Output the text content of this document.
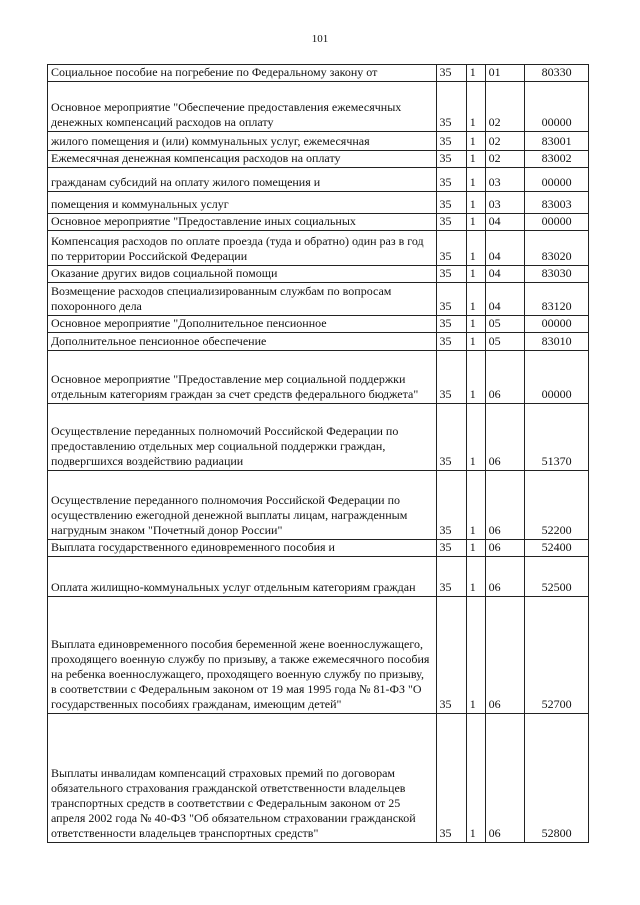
101
Социальное пособие на погребение по Федеральному закону от	35	1	01	80330
Основное мероприятие "Обеспечение предоставления ежемесячных денежных компенсаций расходов на оплату	35	1	02	00000
жилого помещения и (или) коммунальных услуг, ежемесячная	35	1	02	83001
Ежемесячная денежная компенсация расходов на оплату	35	1	02	83002
гражданам субсидий на оплату жилого помещения и	35	1	03	00000
помещения и коммунальных услуг	35	1	03	83003
Основное мероприятие "Предоставление иных социальных	35	1	04	00000
Компенсация расходов по оплате проезда (туда и обратно) один раз в год по территории Российской Федерации	35	1	04	83020
Оказание других видов социальной помощи	35	1	04	83030
Возмещение расходов специализированным службам по вопросам похоронного дела	35	1	04	83120
Основное мероприятие "Дополнительное пенсионное	35	1	05	00000
Дополнительное пенсионное обеспечение	35	1	05	83010
Основное мероприятие "Предоставление мер социальной поддержки отдельным категориям граждан за счет средств федерального бюджета"	35	1	06	00000
Осуществление переданных полномочий Российской Федерации по предоставлению отдельных мер социальной поддержки граждан, подвергшихся воздействию радиации	35	1	06	51370
Осуществление переданного полномочия Российской Федерации по осуществлению ежегодной денежной выплаты лицам, награжденным нагрудным знаком "Почетный донор России"	35	1	06	52200
Выплата государственного единовременного пособия и	35	1	06	52400
Оплата жилищно-коммунальных услуг отдельным категориям граждан	35	1	06	52500
Выплата единовременного пособия беременной жене военнослужащего, проходящего военную службу по призыву, а также ежемесячного пособия на ребенка военнослужащего, проходящего военную службу по призыву, в соответствии с Федеральным законом от 19 мая 1995 года № 81-ФЗ "О государственных пособиях гражданам, имеющим детей"	35	1	06	52700
Выплаты инвалидам компенсаций страховых премий по договорам обязательного страхования гражданской ответственности владельцев транспортных средств в соответствии с Федеральным законом от 25 апреля 2002 года № 40-ФЗ "Об обязательном страховании гражданской ответственности владельцев транспортных средств"	35	1	06	52800
